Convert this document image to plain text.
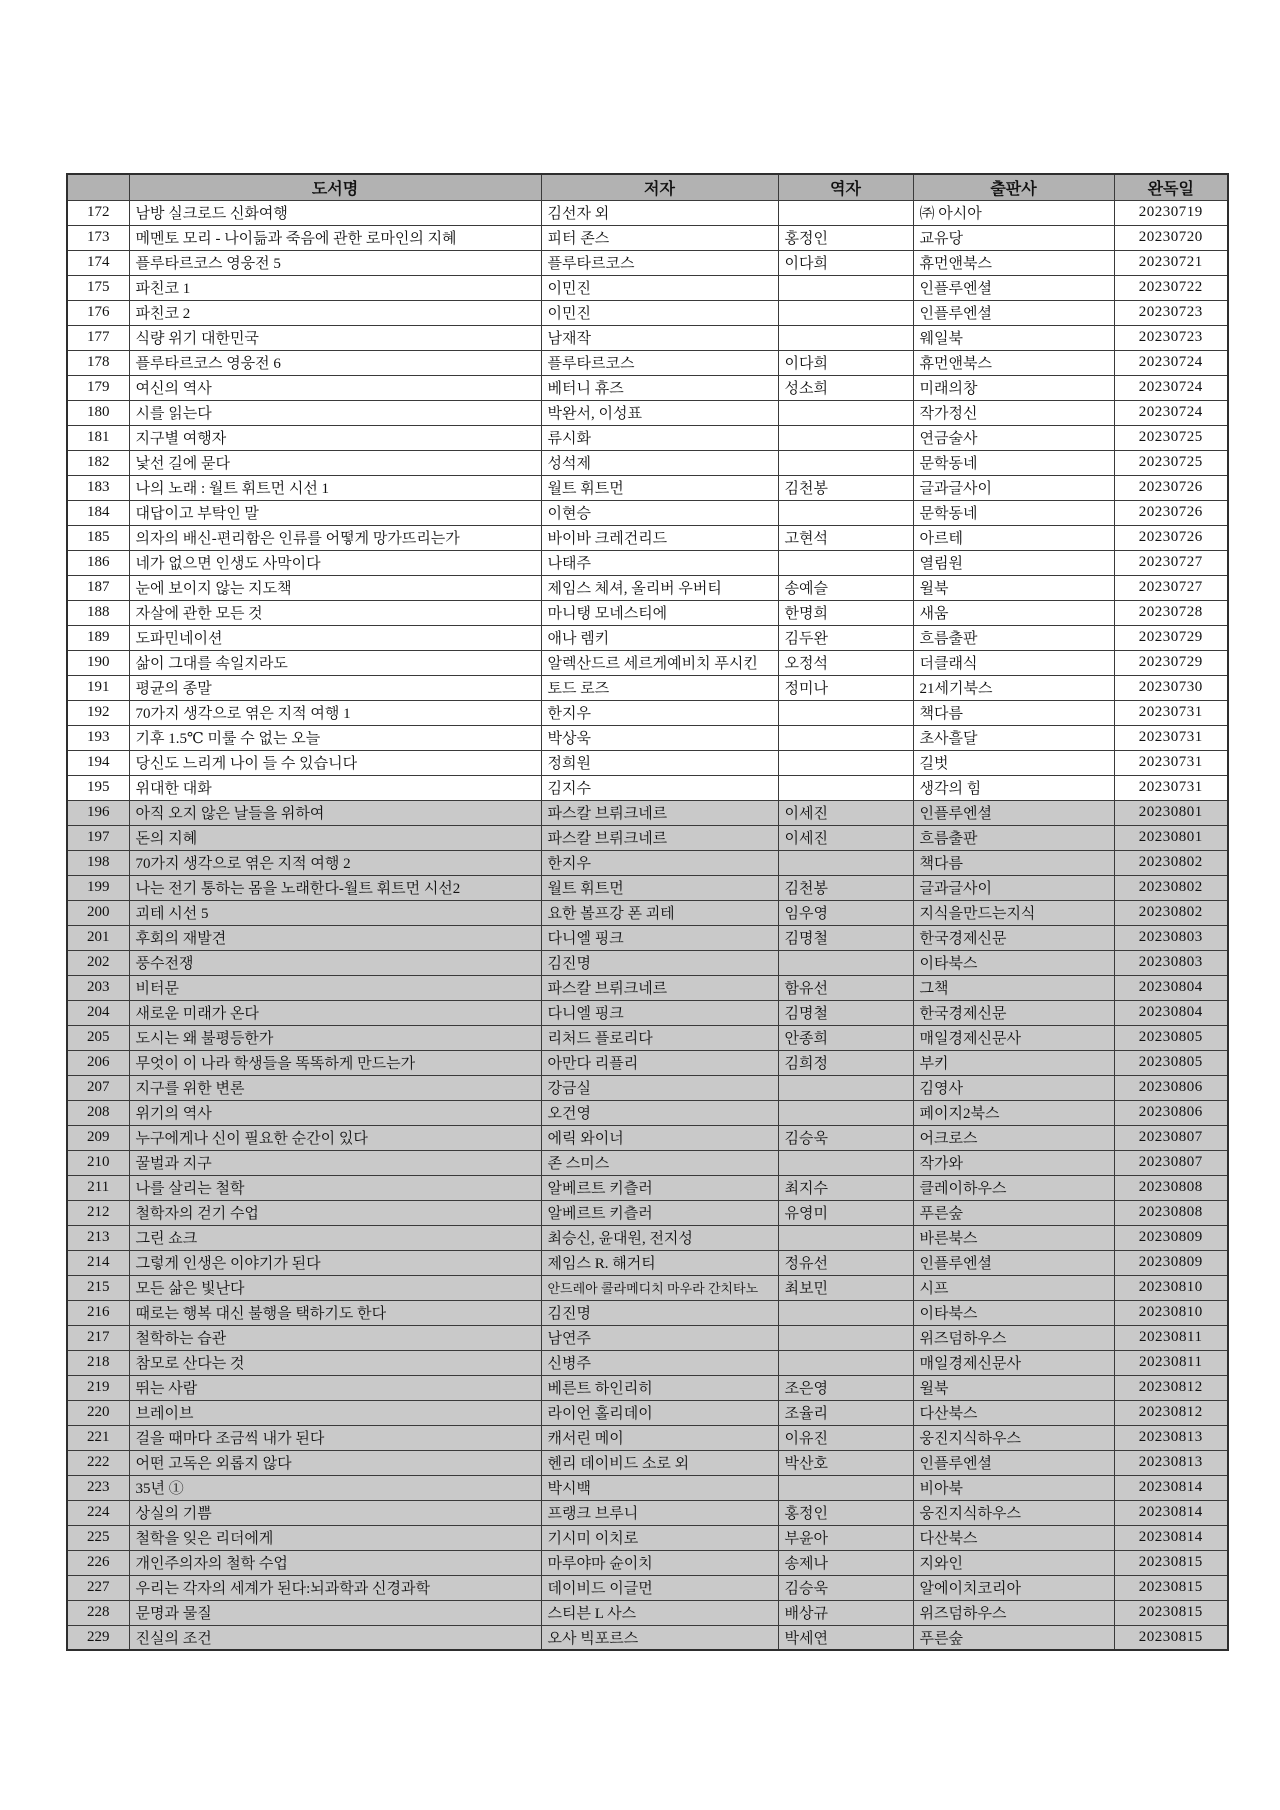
	도서명	저자	역자	출판사	완독일
172	남방 실크로드 신화여행	김선자 외		㈜ 아시아	20230719
173	메멘토 모리 - 나이듦과 죽음에 관한 로마인의 지혜	피터 존스	홍정인	교유당	20230720
174	플루타르코스 영웅전 5	플루타르코스	이다희	휴먼앤북스	20230721
175	파친코 1	이민진		인플루엔셜	20230722
176	파친코 2	이민진		인플루엔셜	20230723
177	식량 위기 대한민국	남재작		웨일북	20230723
178	플루타르코스 영웅전 6	플루타르코스	이다희	휴먼앤북스	20230724
179	여신의 역사	베터니 휴즈	성소희	미래의창	20230724
180	시를 읽는다	박완서, 이성표		작가정신	20230724
181	지구별 여행자	류시화		연금술사	20230725
182	낯선 길에 묻다	성석제		문학동네	20230725
183	나의 노래 : 월트 휘트먼 시선 1	월트 휘트먼	김천봉	글과글사이	20230726
184	대답이고 부탁인 말	이현승		문학동네	20230726
185	의자의 배신-편리함은 인류를 어떻게 망가뜨리는가	바이바 크레건리드	고현석	아르테	20230726
186	네가 없으면 인생도 사막이다	나태주		열림원	20230727
187	눈에 보이지 않는 지도책	제임스 체셔, 올리버 우버티	송예슬	윌북	20230727
188	자살에 관한 모든 것	마니탱 모네스티에	한명희	새움	20230728
189	도파민네이션	애나 렘키	김두완	흐름출판	20230729
190	삶이 그대를 속일지라도	알렉산드르 세르게예비치 푸시킨	오정석	더클래식	20230729
191	평균의 종말	토드 로즈	정미나	21세기북스	20230730
192	70가지 생각으로 엮은 지적 여행 1	한지우		책다름	20230731
193	기후 1.5℃ 미룰 수 없는 오늘	박상욱		초사흘달	20230731
194	당신도 느리게 나이 들 수 있습니다	정희원		길벗	20230731
195	위대한 대화	김지수		생각의 힘	20230731
196	아직 오지 않은 날들을 위하여	파스칼 브뤼크네르	이세진	인플루엔셜	20230801
197	돈의 지혜	파스칼 브뤼크네르	이세진	흐름출판	20230801
198	70가지 생각으로 엮은 지적 여행 2	한지우		책다름	20230802
199	나는 전기 통하는 몸을 노래한다-월트 휘트먼 시선2	월트 휘트먼	김천봉	글과글사이	20230802
200	괴테 시선 5	요한 볼프강 폰 괴테	임우영	지식을만드는지식	20230802
201	후회의 재발견	다니엘 핑크	김명철	한국경제신문	20230803
202	풍수전쟁	김진명		이타북스	20230803
203	비터문	파스칼 브뤼크네르	함유선	그책	20230804
204	새로운 미래가 온다	다니엘 핑크	김명철	한국경제신문	20230804
205	도시는 왜 불평등한가	리처드 플로리다	안종희	매일경제신문사	20230805
206	무엇이 이 나라 학생들을 똑똑하게 만드는가	아만다 리플리	김희정	부키	20230805
207	지구를 위한 변론	강금실		김영사	20230806
208	위기의 역사	오건영		페이지2북스	20230806
209	누구에게나 신이 필요한 순간이 있다	에릭 와이너	김승욱	어크로스	20230807
210	꿀벌과 지구	존 스미스		작가와	20230807
211	나를 살리는 철학	알베르트 키츨러	최지수	클레이하우스	20230808
212	철학자의 걷기 수업	알베르트 키츨러	유영미	푸른숲	20230808
213	그린 쇼크	최승신, 윤대원, 전지성		바른북스	20230809
214	그렇게 인생은 이야기가 된다	제임스 R. 해거티	정유선	인플루엔셜	20230809
215	모든 삶은 빛난다	안드레아 콜라메디치 마우라 간치타노	최보민	시프	20230810
216	때로는 행복 대신 불행을 택하기도 한다	김진명		이타북스	20230810
217	철학하는 습관	남연주		위즈덤하우스	20230811
218	참모로 산다는 것	신병주		매일경제신문사	20230811
219	뛰는 사람	베른트 하인리히	조은영	윌북	20230812
220	브레이브	라이언 홀리데이	조율리	다산북스	20230812
221	걸을 때마다 조금씩 내가 된다	캐서린 메이	이유진	웅진지식하우스	20230813
222	어떤 고독은 외롭지 않다	헨리 데이비드 소로 외	박산호	인플루엔셜	20230813
223	35년 ①	박시백		비아북	20230814
224	상실의 기쁨	프랭크 브루니	홍정인	웅진지식하우스	20230814
225	철학을 잊은 리더에게	기시미 이치로	부윤아	다산북스	20230814
226	개인주의자의 철학 수업	마루야마 슌이치	송제나	지와인	20230815
227	우리는 각자의 세계가 된다:뇌과학과 신경과학	데이비드 이글먼	김승욱	알에이치코리아	20230815
228	문명과 물질	스티븐 L 사스	배상규	위즈덤하우스	20230815
229	진실의 조건	오사 빅포르스	박세연	푸른숲	20230815
